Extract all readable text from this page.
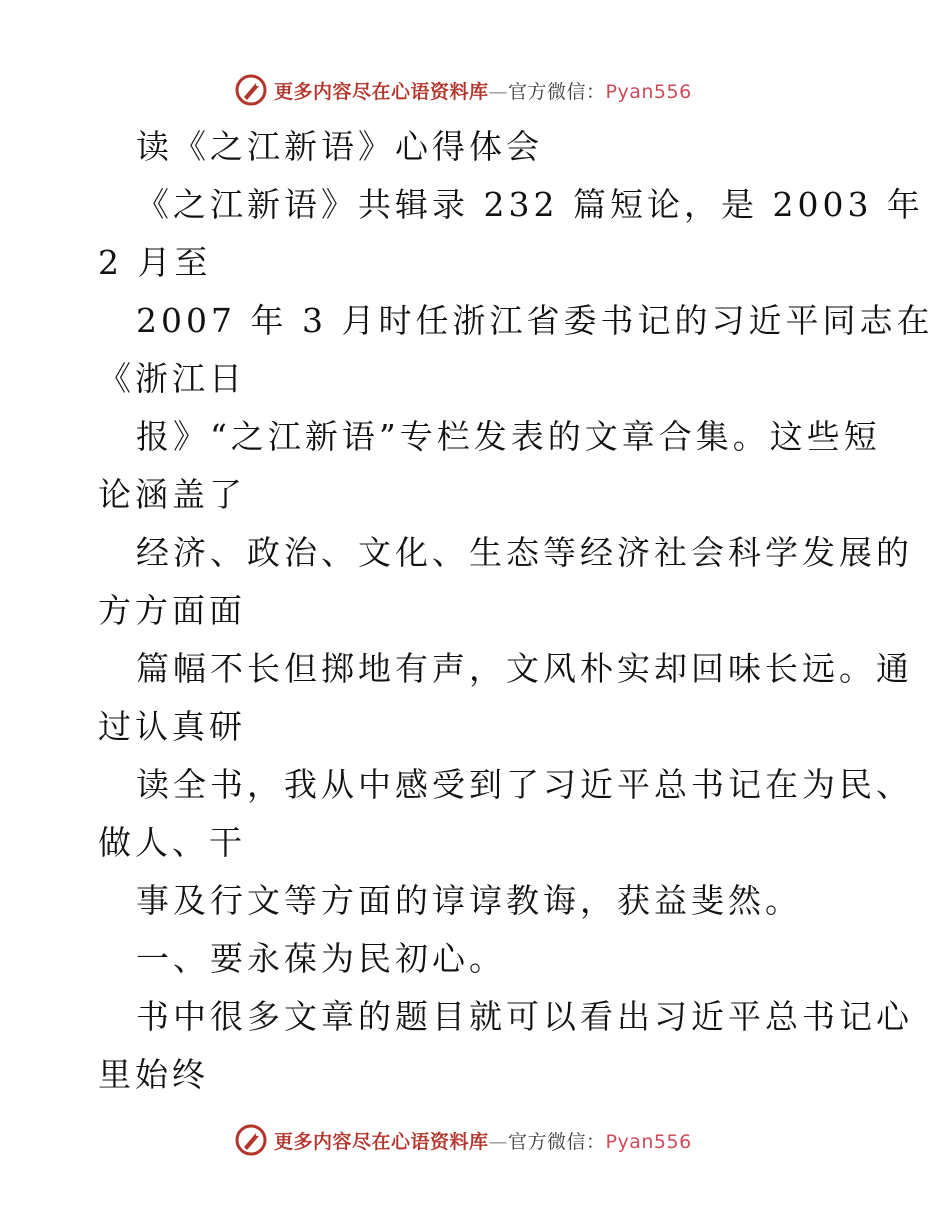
更多内容尽在心语资料库—官方微信：Pyan556
读《之江新语》心得体会
《之江新语》共辑录 232 篇短论，是 2003 年
2 月至
2007 年 3 月时任浙江省委书记的习近平同志在
《浙江日
报》“之江新语”专栏发表的文章合集。这些短
论涵盖了
经济、政治、文化、生态等经济社会科学发展的
方方面面
篇幅不长但掷地有声，文风朴实却回味长远。通
过认真研
读全书，我从中感受到了习近平总书记在为民、
做人、干
事及行文等方面的谆谆教诲，获益斐然。
一、要永葆为民初心。
书中很多文章的题目就可以看出习近平总书记心
里始终
更多内容尽在心语资料库—官方微信：Pyan556
